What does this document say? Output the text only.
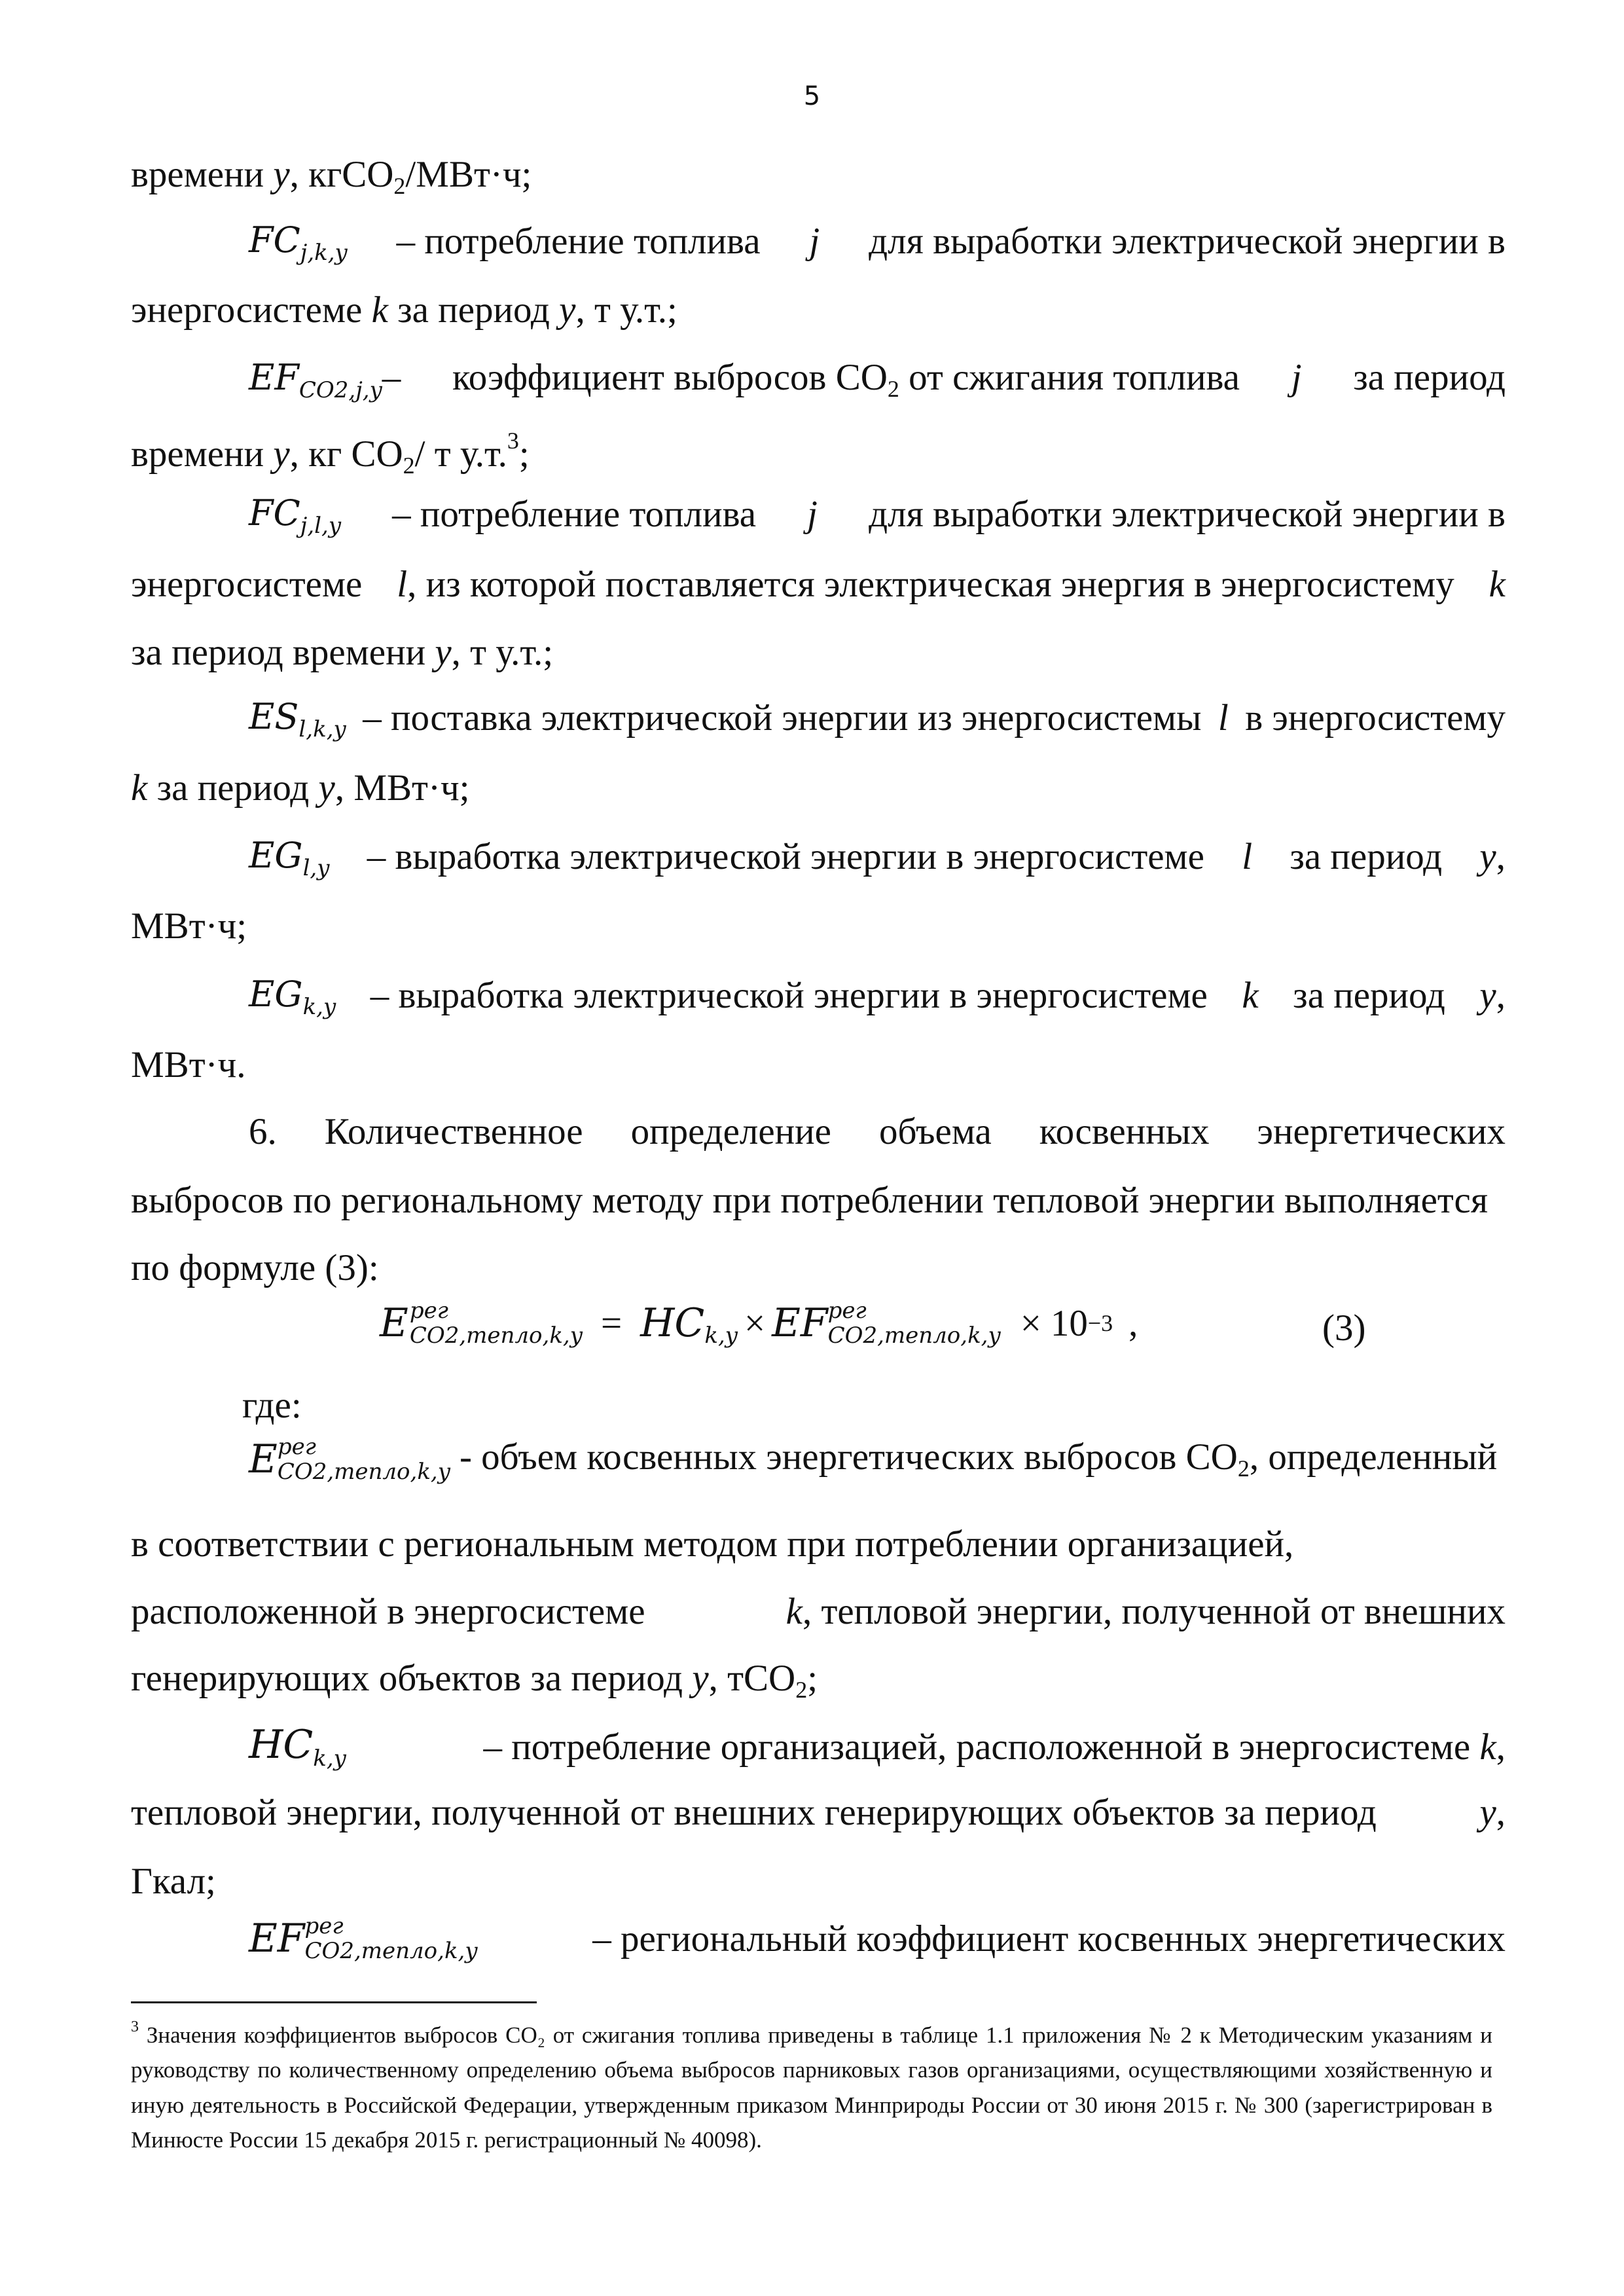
5
времени y, кгCO$_2$/МВт·ч;
$FC_{j,k,y}$ – потребление топлива j для выработки электрической энергии в
энергосистеме k за период y, т у.т.;
$EF_{CO2,j,y}-$ коэффициент выбросов $CO_2$ от сжигания топлива j за период
времени y, кг $CO_2/$ т у.т.$^3$;
$FC_{j,l,y}$ – потребление топлива j для выработки электрической энергии в
энергосистеме l, из которой поставляется электрическая энергия в энергосистему k
за период времени y, т у.т.;
$ES_{l,k,y}$ – поставка электрической энергии из энергосистемы l в энергосистему
k за период y, МВт·ч;
$EG_{l,y}$ – выработка электрической энергии в энергосистеме l за период y,
МВт·ч;
$EG_{k,y}$ – выработка электрической энергии в энергосистеме k за период y,
МВт·ч.
6. Количественное определение объема косвенных энергетических
выбросов по региональному методу при потреблении тепловой энергии выполняется
по формуле (3):
E рег
CO2,тепло,k,y = HC k,y × EF рег
CO2,тепло,k,y × 10 −3 ,	(3)
где:
E рег
CO2,тепло,k,y - объем косвенных энергетических выбросов $CO_2$, определенный
в соответствии с региональным методом при потреблении организацией,
расположенной в энергосистеме	k, тепловой энергии, полученной от внешних
генерирующих объектов за период y, тCO$_2$;
$HC_{k,y}$	– потребление организацией, расположенной в энергосистеме k,
тепловой энергии, полученной от внешних генерирующих объектов за период	y,
Гкал;
EF рег
CO2,тепло,k,y	– региональный коэффициент косвенных энергетических

$^3$ Значения коэффициентов выбросов CO₂ от сжигания топлива приведены в таблице 1.1 приложения № 2 к Методическим указаниям и руководству по количественному определению объема выбросов парниковых газов организациями, осуществляющими хозяйственную и иную деятельность в Российской Федерации, утвержденным приказом Минприроды России от 30 июня 2015 г. № 300 (зарегистрирован в Минюсте России 15 декабря 2015 г. регистрационный № 40098).
